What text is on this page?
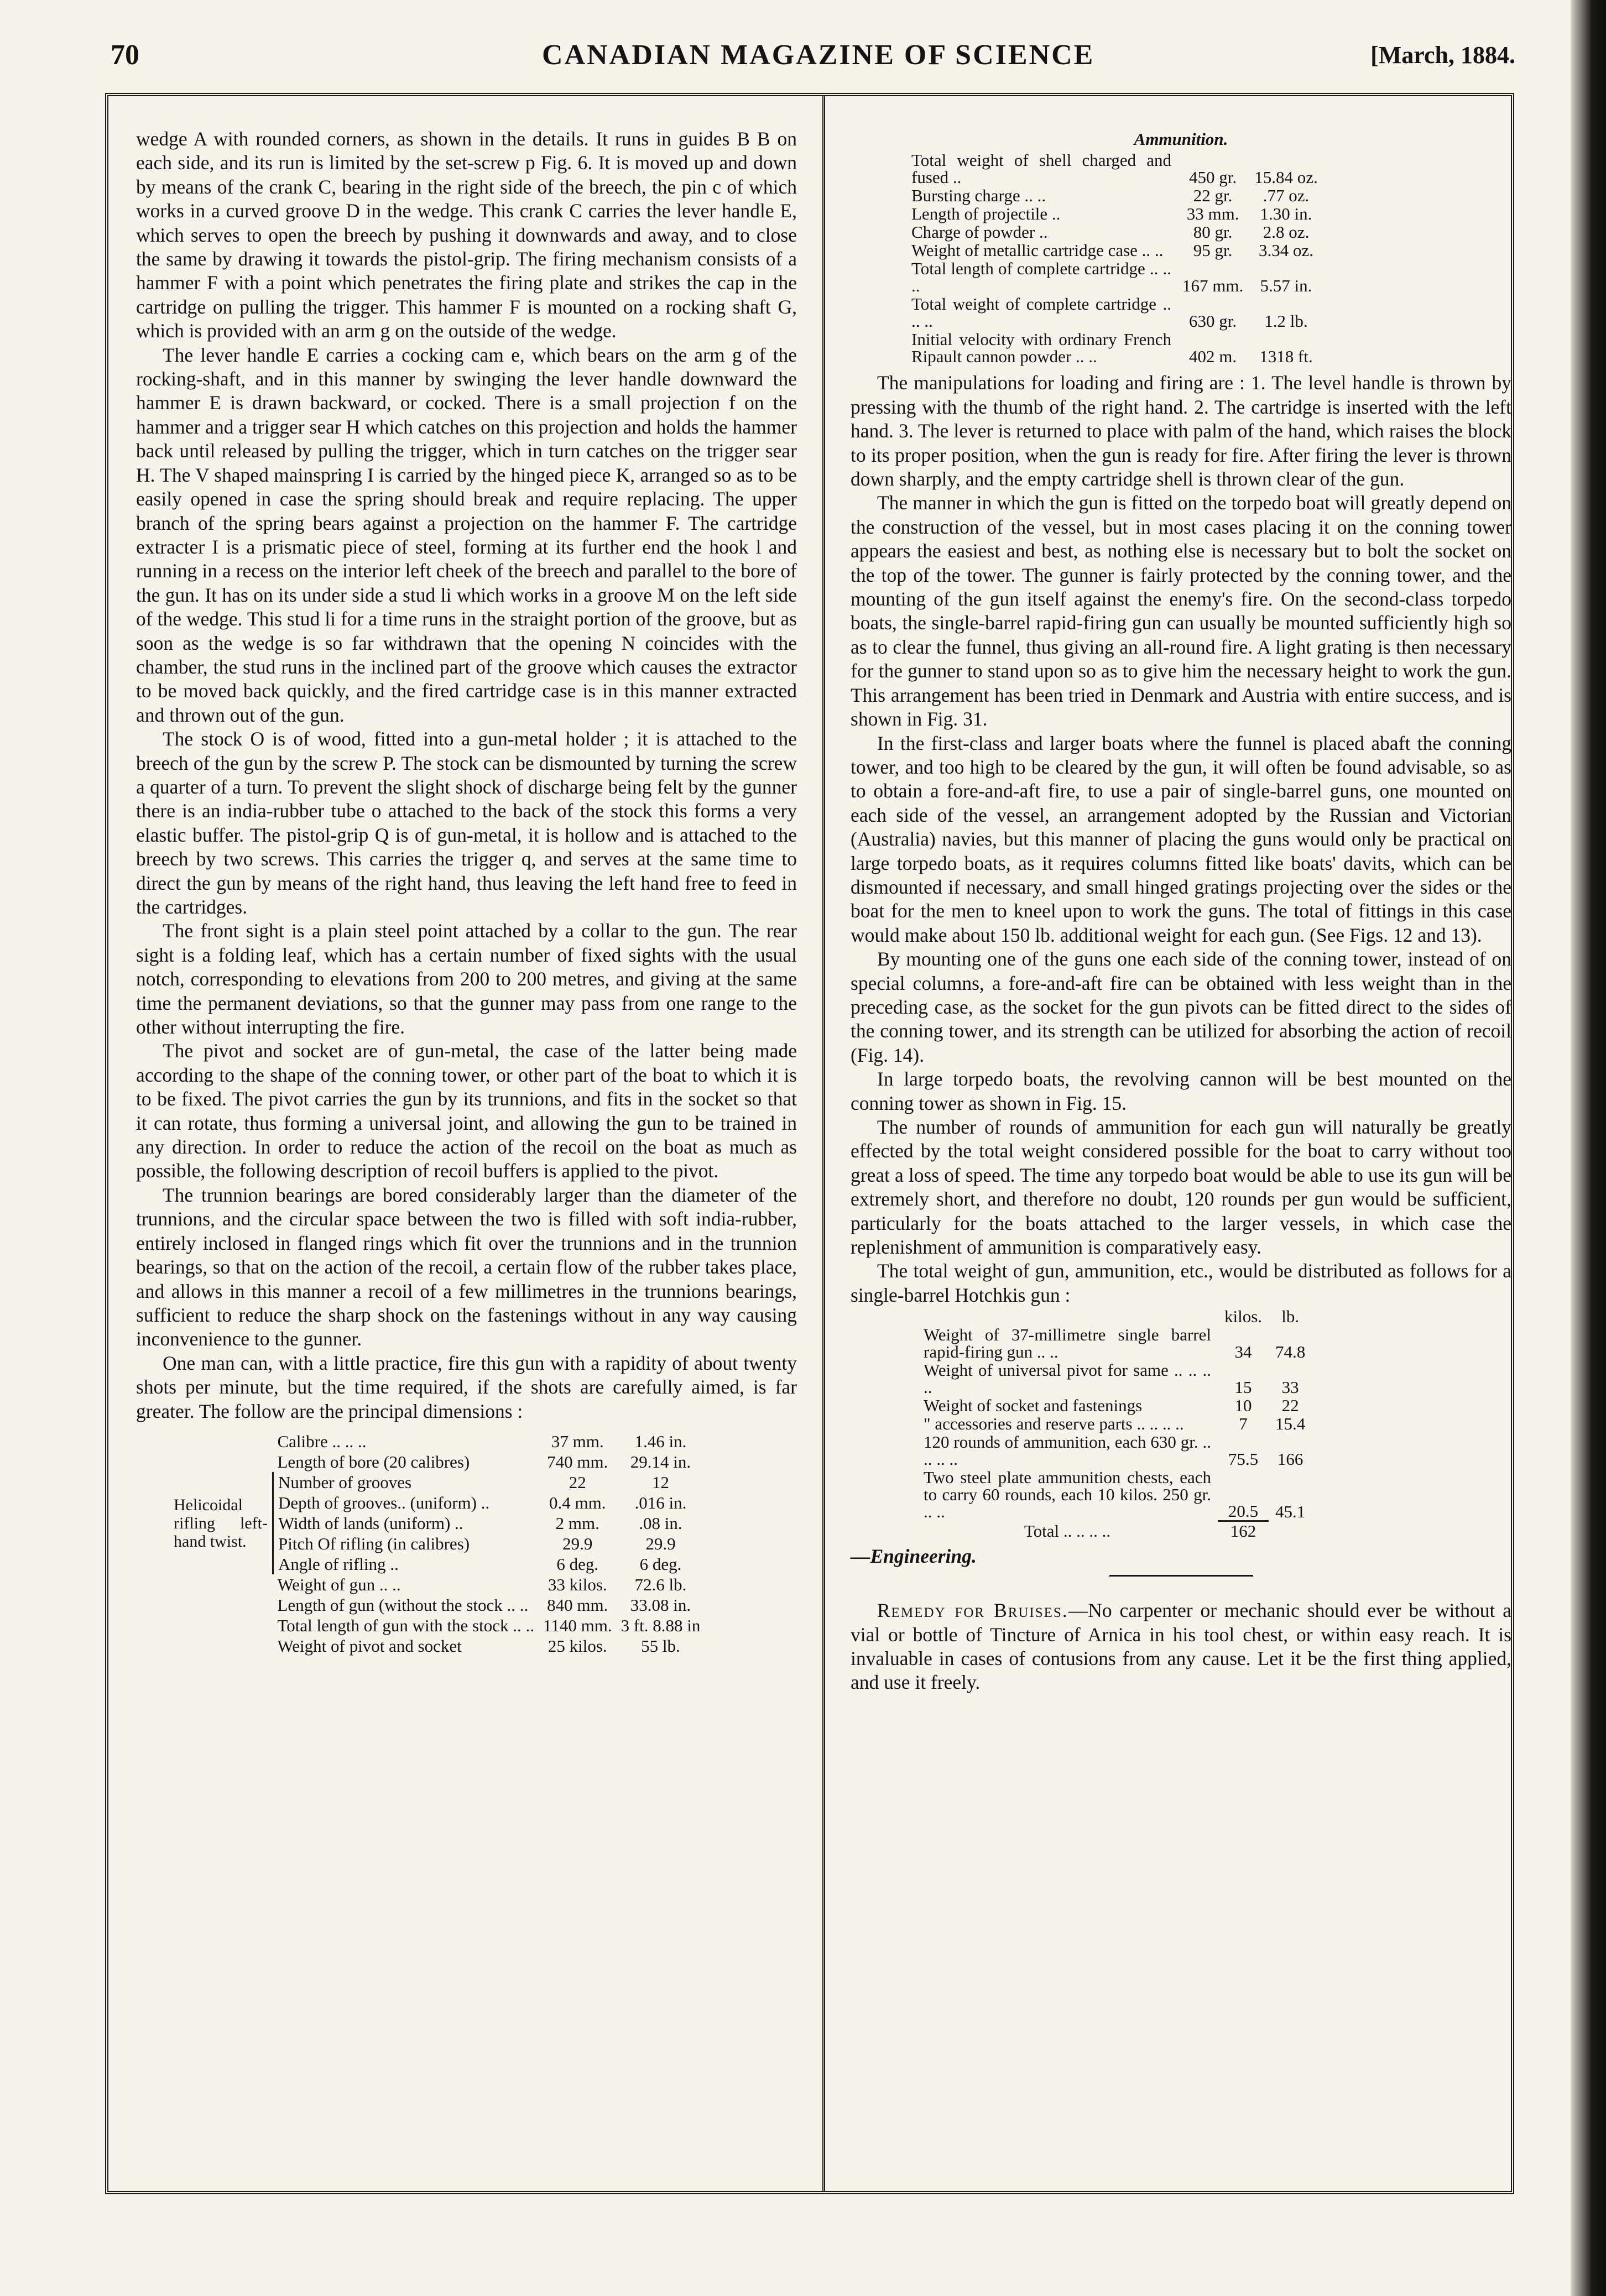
70	CANADIAN MAGAZINE OF SCIENCE	[March, 1884.

wedge A with rounded corners, as shown in the details. It runs in guides B B on each side, and its run is limited by the set-screw p Fig. 6. It is moved up and down by means of the crank C, bearing in the right side of the breech, the pin c of which works in a curved groove D in the wedge. This crank C carries the lever handle E, which serves to open the breech by pushing it downwards and away, and to close the same by drawing it towards the pistol-grip. The firing mechanism consists of a hammer F with a point which penetrates the firing plate and strikes the cap in the cartridge on pulling the trigger. This hammer F is mounted on a rocking shaft G, which is provided with an arm g on the outside of the wedge.

The lever handle E carries a cocking cam e, which bears on the arm g of the rocking-shaft, and in this manner by swinging the lever handle downward the hammer E is drawn backward, or cocked. There is a small projection f on the hammer and a trigger sear H which catches on this projection and holds the hammer back until released by pulling the trigger, which in turn catches on the trigger sear H. The V shaped mainspring I is carried by the hinged piece K, arranged so as to be easily opened in case the spring should break and require replacing. The upper branch of the spring bears against a projection on the hammer F. The cartridge extracter I is a prismatic piece of steel, forming at its further end the hook l and running in a recess on the interior left cheek of the breech and parallel to the bore of the gun. It has on its under side a stud li which works in a groove M on the left side of the wedge. This stud li for a time runs in the straight portion of the groove, but as soon as the wedge is so far withdrawn that the opening N coincides with the chamber, the stud runs in the inclined part of the groove which causes the extractor to be moved back quickly, and the fired cartridge case is in this manner extracted and thrown out of the gun.

The stock O is of wood, fitted into a gun-metal holder ; it is attached to the breech of the gun by the screw P. The stock can be dismounted by turning the screw a quarter of a turn. To prevent the slight shock of discharge being felt by the gunner there is an india-rubber tube o attached to the back of the stock this forms a very elastic buffer. The pistol-grip Q is of gun-metal, it is hollow and is attached to the breech by two screws. This carries the trigger q, and serves at the same time to direct the gun by means of the right hand, thus leaving the left hand free to feed in the cartridges.

The front sight is a plain steel point attached by a collar to the gun. The rear sight is a folding leaf, which has a certain number of fixed sights with the usual notch, corresponding to elevations from 200 to 200 metres, and giving at the same time the permanent deviations, so that the gunner may pass from one range to the other without interrupting the fire.

The pivot and socket are of gun-metal, the case of the latter being made according to the shape of the conning tower, or other part of the boat to which it is to be fixed. The pivot carries the gun by its trunnions, and fits in the socket so that it can rotate, thus forming a universal joint, and allowing the gun to be trained in any direction. In order to reduce the action of the recoil on the boat as much as possible, the following description of recoil buffers is applied to the pivot.

The trunnion bearings are bored considerably larger than the diameter of the trunnions, and the circular space between the two is filled with soft india-rubber, entirely inclosed in flanged rings which fit over the trunnions and in the trunnion bearings, so that on the action of the recoil, a certain flow of the rubber takes place, and allows in this manner a recoil of a few millimetres in the trunnions bearings, sufficient to reduce the sharp shock on the fastenings without in any way causing inconvenience to the gunner.

One man can, with a little practice, fire this gun with a rapidity of about twenty shots per minute, but the time required, if the shots are carefully aimed, is far greater. The follow are the principal dimensions :

	Calibre .. .. ..	37 mm.	1.46 in.
	Length of bore (20 calibres)	740 mm.	29.14 in.
Helicoidal rifling left-hand twist.	Number of grooves	22	12
	Depth of grooves.. (uniform) ..	0.4 mm.	.016 in.
	Width of lands (uniform) ..	2 mm.	.08 in.
	Pitch Of rifling (in calibres)	29.9	29.9
	Angle of rifling ..	6 deg.	6 deg.
	Weight of gun .. ..	33 kilos.	72.6 lb.
	Length of gun (without the stock .. ..	840 mm.	33.08 in.
	Total length of gun with the stock .. ..	1140 mm.	3 ft. 8.88 in
	Weight of pivot and socket	25 kilos.	55 lb.

Ammunition.

Total weight of shell charged and fused ..	450 gr.	15.84 oz.
Bursting charge .. ..	22 gr.	.77 oz.
Length of projectile ..	33 mm.	1.30 in.
Charge of powder ..	80 gr.	2.8 oz.
Weight of metallic cartridge case .. ..	95 gr.	3.34 oz.
Total length of complete cartridge .. .. ..	167 mm.	5.57 in.
Total weight of complete cartridge .. .. ..	630 gr.	1.2 lb.
Initial velocity with ordinary French Ripault cannon powder .. ..	402 m.	1318 ft.

The manipulations for loading and firing are : 1. The level handle is thrown by pressing with the thumb of the right hand. 2. The cartridge is inserted with the left hand. 3. The lever is returned to place with palm of the hand, which raises the block to its proper position, when the gun is ready for fire. After firing the lever is thrown down sharply, and the empty cartridge shell is thrown clear of the gun.

The manner in which the gun is fitted on the torpedo boat will greatly depend on the construction of the vessel, but in most cases placing it on the conning tower appears the easiest and best, as nothing else is necessary but to bolt the socket on the top of the tower. The gunner is fairly protected by the conning tower, and the mounting of the gun itself against the enemy's fire. On the second-class torpedo boats, the single-barrel rapid-firing gun can usually be mounted sufficiently high so as to clear the funnel, thus giving an all-round fire. A light grating is then necessary for the gunner to stand upon so as to give him the necessary height to work the gun. This arrangement has been tried in Denmark and Austria with entire success, and is shown in Fig. 31.

In the first-class and larger boats where the funnel is placed abaft the conning tower, and too high to be cleared by the gun, it will often be found advisable, so as to obtain a fore-and-aft fire, to use a pair of single-barrel guns, one mounted on each side of the vessel, an arrangement adopted by the Russian and Victorian (Australia) navies, but this manner of placing the guns would only be practical on large torpedo boats, as it requires columns fitted like boats' davits, which can be dismounted if necessary, and small hinged gratings projecting over the sides or the boat for the men to kneel upon to work the guns. The total of fittings in this case would make about 150 lb. additional weight for each gun. (See Figs. 12 and 13).

By mounting one of the guns one each side of the conning tower, instead of on special columns, a fore-and-aft fire can be obtained with less weight than in the preceding case, as the socket for the gun pivots can be fitted direct to the sides of the conning tower, and its strength can be utilized for absorbing the action of recoil (Fig. 14).

In large torpedo boats, the revolving cannon will be best mounted on the conning tower as shown in Fig. 15.

The number of rounds of ammunition for each gun will naturally be greatly effected by the total weight considered possible for the boat to carry without too great a loss of speed. The time any torpedo boat would be able to use its gun will be extremely short, and therefore no doubt, 120 rounds per gun would be sufficient, particularly for the boats attached to the larger vessels, in which case the replenishment of ammunition is comparatively easy.

The total weight of gun, ammunition, etc., would be distributed as follows for a single-barrel Hotchkis gun :

	kilos.	lb.
Weight of 37-millimetre single barrel rapid-firing gun .. ..	34	74.8
Weight of universal pivot for same .. .. .. ..	15	33
Weight of socket and fastenings	10	22
" accessories and reserve parts .. .. .. ..	7	15.4
120 rounds of ammunition, each 630 gr. .. .. .. ..	75.5	166
Two steel plate ammunition chests, each to carry 60 rounds, each 10 kilos. 250 gr. .. ..	20.5	45.1
Total .. .. .. ..	162	
—Engineering.

Remedy for Bruises.—No carpenter or mechanic should ever be without a vial or bottle of Tincture of Arnica in his tool chest, or within easy reach. It is invaluable in cases of contusions from any cause. Let it be the first thing applied, and use it freely.
